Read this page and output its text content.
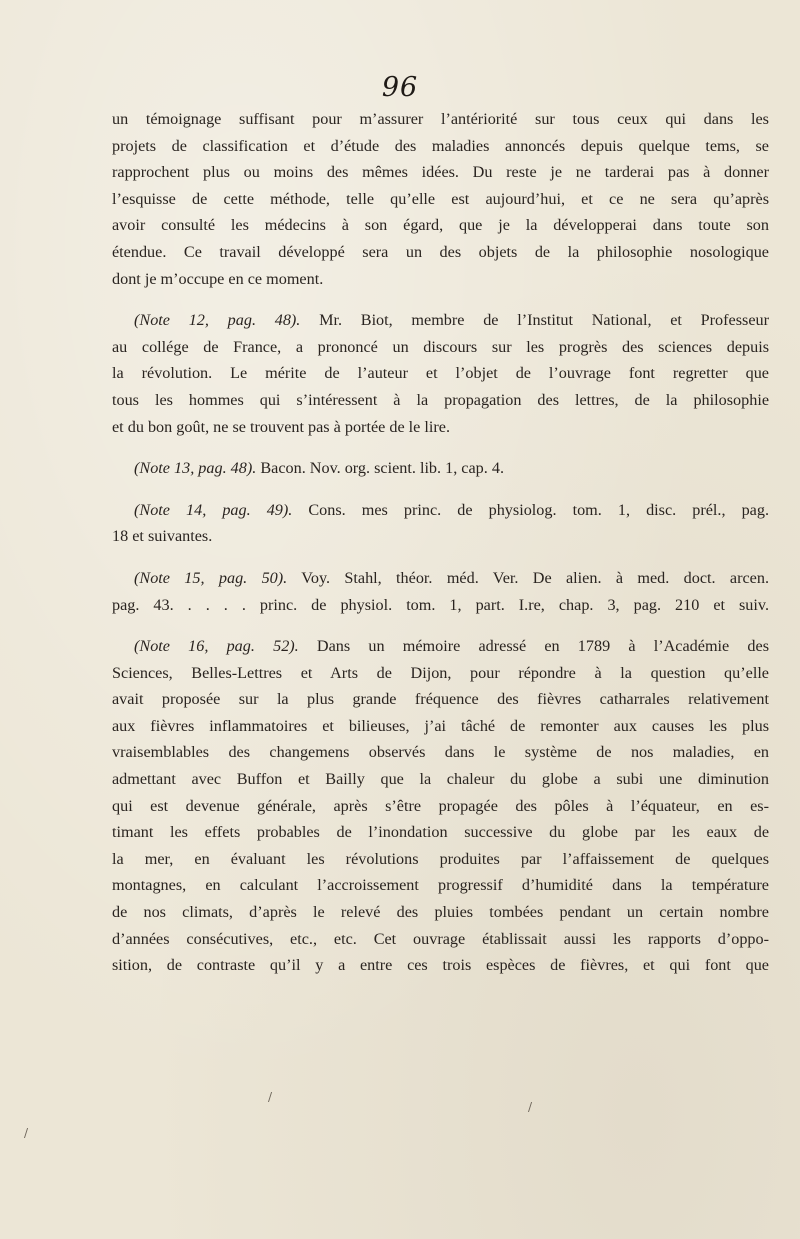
96
un témoignage suffisant pour m’assurer l’antériorité sur tous ceux qui dans les
projets de classification et d’étude des maladies annoncés depuis quelque tems, se
rapprochent plus ou moins des mêmes idées. Du reste je ne tarderai pas à donner
l’esquisse de cette méthode, telle qu’elle est aujourd’hui, et ce ne sera qu’après
avoir consulté les médecins à son égard, que je la développerai dans toute son
étendue. Ce travail développé sera un des objets de la philosophie nosologique
dont je m’occupe en ce moment.
(Note 12, pag. 48). Mr. Biot, membre de l’Institut National, et Professeur
au collége de France, a prononcé un discours sur les progrès des sciences depuis
la révolution. Le mérite de l’auteur et l’objet de l’ouvrage font regretter que
tous les hommes qui s’intéressent à la propagation des lettres, de la philosophie
et du bon goût, ne se trouvent pas à portée de le lire.
(Note 13, pag. 48). Bacon. Nov. org. scient. lib. 1, cap. 4.
(Note 14, pag. 49). Cons. mes princ. de physiolog. tom. 1, disc. prél., pag.
18 et suivantes.
(Note 15, pag. 50). Voy. Stahl, théor. méd. Ver. De alien. à med. doct. arcen.
pag. 43. . . . . princ. de physiol. tom. 1, part. I.re, chap. 3, pag. 210 et suiv.
(Note 16, pag. 52). Dans un mémoire adressé en 1789 à l’Académie des
Sciences, Belles-Lettres et Arts de Dijon, pour répondre à la question qu’elle
avait proposée sur la plus grande fréquence des fièvres catharrales relativement
aux fièvres inflammatoires et bilieuses, j’ai tâché de remonter aux causes les plus
vraisemblables des changemens observés dans le système de nos maladies, en
admettant avec Buffon et Bailly que la chaleur du globe a subi une diminution
qui est devenue générale, après s’être propagée des pôles à l’équateur, en es-
timant les effets probables de l’inondation successive du globe par les eaux de
la mer, en évaluant les révolutions produites par l’affaissement de quelques
montagnes, en calculant l’accroissement progressif d’humidité dans la température
de nos climats, d’après le relevé des pluies tombées pendant un certain nombre
d’années consécutives, etc., etc. Cet ouvrage établissait aussi les rapports d’oppo-
sition, de contraste qu’il y a entre ces trois espèces de fièvres, et qui font que
/
/
/
